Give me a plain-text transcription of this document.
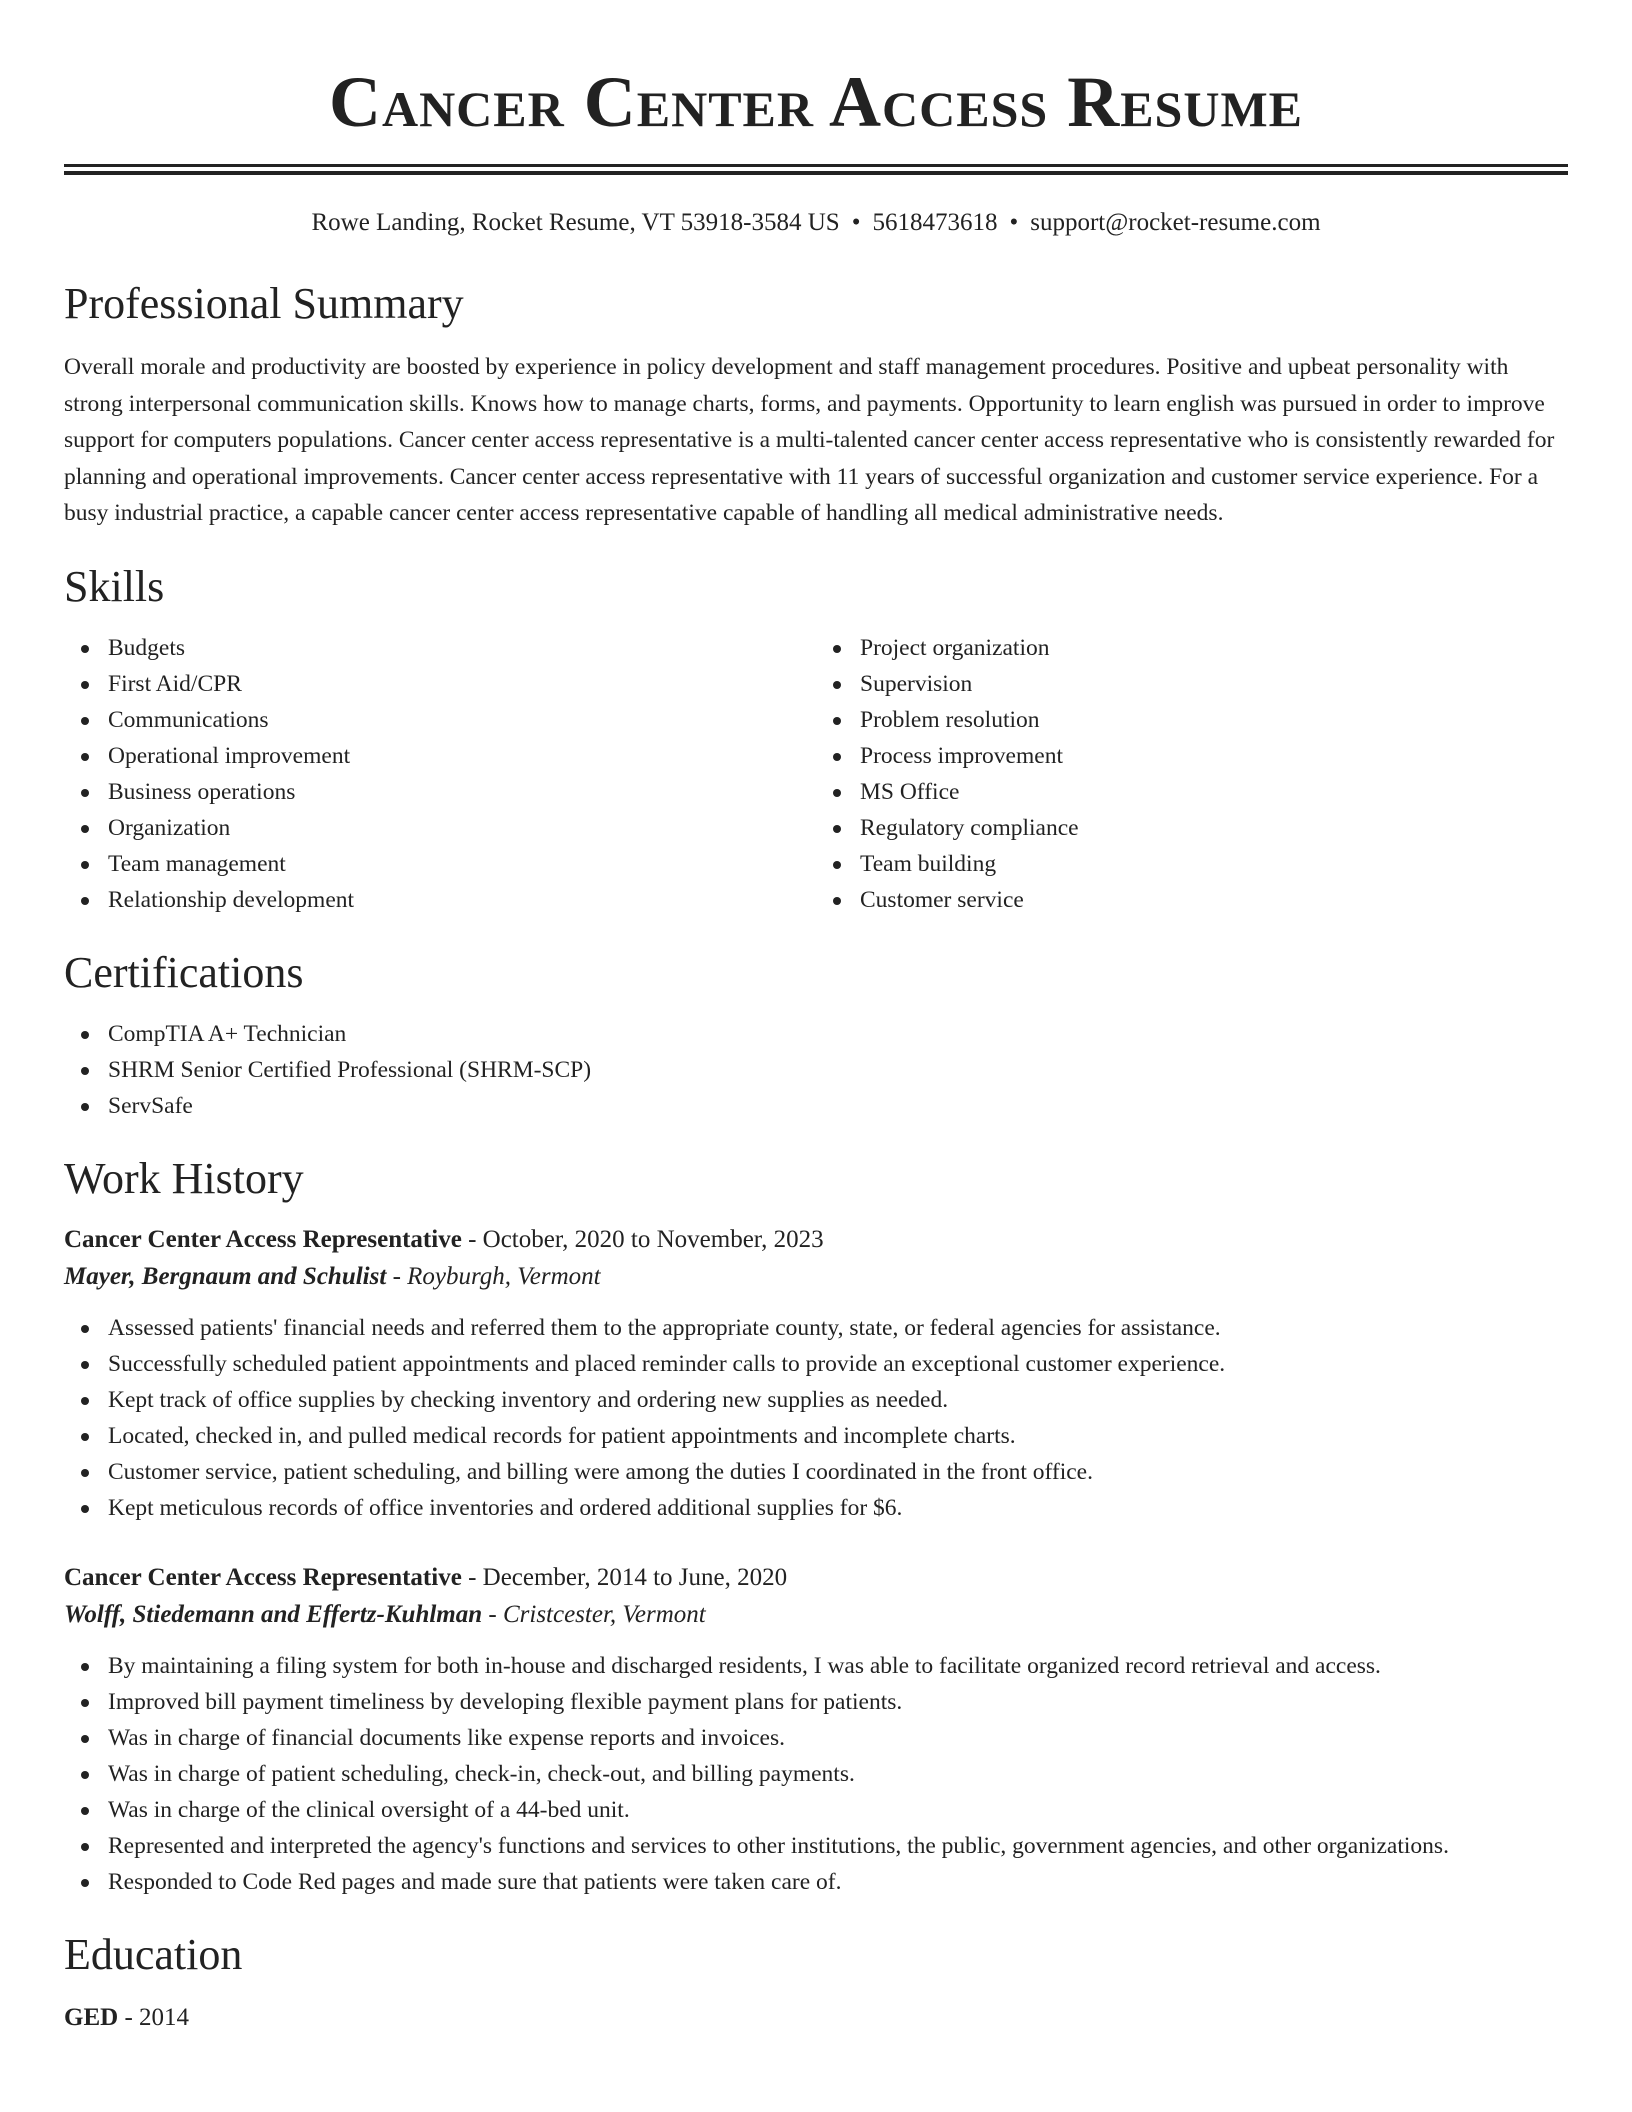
Cancer Center Access Resume
Rowe Landing, Rocket Resume, VT 53918-3584 US • 5618473618 • support@rocket-resume.com
Professional Summary

Overall morale and productivity are boosted by experience in policy development and staff management procedures. Positive and upbeat personality with strong interpersonal communication skills. Knows how to manage charts, forms, and payments. Opportunity to learn english was pursued in order to improve support for computers populations. Cancer center access representative is a multi-talented cancer center access representative who is consistently rewarded for planning and operational improvements. Cancer center access representative with 11 years of successful organization and customer service experience. For a busy industrial practice, a capable cancer center access representative capable of handling all medical administrative needs.

Skills
Budgets
First Aid/CPR
Communications
Operational improvement
Business operations
Organization
Team management
Relationship development
Project organization
Supervision
Problem resolution
Process improvement
MS Office
Regulatory compliance
Team building
Customer service
Certifications
CompTIA A+ Technician
SHRM Senior Certified Professional (SHRM-SCP)
ServSafe
Work History
Cancer Center Access Representative - October, 2020 to November, 2023
Mayer, Bergnaum and Schulist - Royburgh, Vermont
Assessed patients' financial needs and referred them to the appropriate county, state, or federal agencies for assistance.
Successfully scheduled patient appointments and placed reminder calls to provide an exceptional customer experience.
Kept track of office supplies by checking inventory and ordering new supplies as needed.
Located, checked in, and pulled medical records for patient appointments and incomplete charts.
Customer service, patient scheduling, and billing were among the duties I coordinated in the front office.
Kept meticulous records of office inventories and ordered additional supplies for $6.
Cancer Center Access Representative - December, 2014 to June, 2020
Wolff, Stiedemann and Effertz-Kuhlman - Cristcester, Vermont
By maintaining a filing system for both in-house and discharged residents, I was able to facilitate organized record retrieval and access.
Improved bill payment timeliness by developing flexible payment plans for patients.
Was in charge of financial documents like expense reports and invoices.
Was in charge of patient scheduling, check-in, check-out, and billing payments.
Was in charge of the clinical oversight of a 44-bed unit.
Represented and interpreted the agency's functions and services to other institutions, the public, government agencies, and other organizations.
Responded to Code Red pages and made sure that patients were taken care of.
Education
GED - 2014
